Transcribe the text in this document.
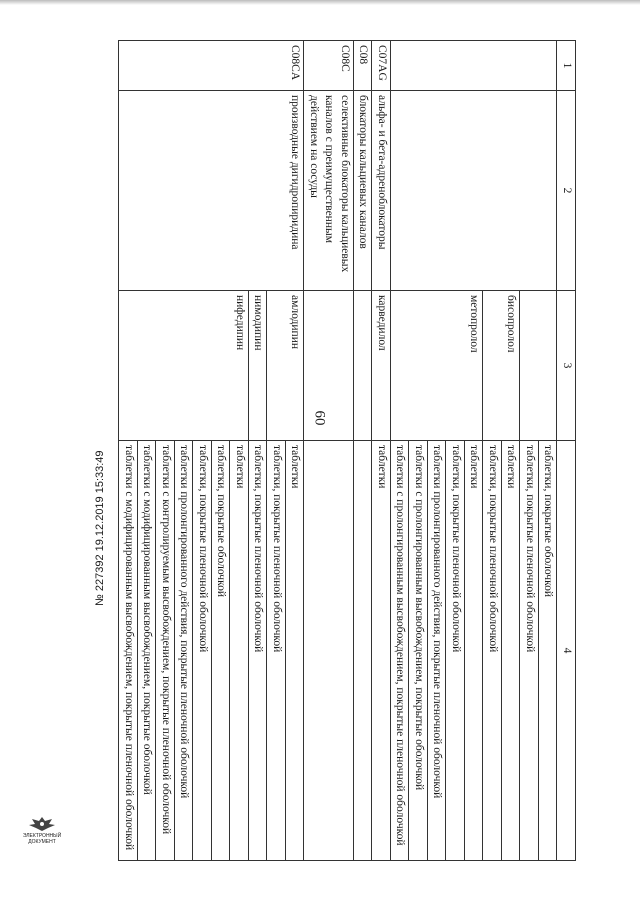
60
1	2	3	4
			таблетки, покрытые оболочкой
			таблетки, покрытые пленочной оболочкой
		бисопролол	таблетки
			таблетки, покрытые пленочной оболочкой
		метопролол	таблетки
			таблетки, покрытые пленочной оболочкой
			таблетки пролонгированного действия, покрытые пленочной оболочкой
			таблетки с пролонгированным высвобождением, покрытые оболочкой
			таблетки с пролонгированным высвобождением, покрытые пленочной оболочкой
C07AG	альфа- и бета-адреноблокаторы	карведилол	таблетки
C08	блокаторы кальциевых каналов		
C08C	селективные блокаторы кальциевых каналов с преимущественным действием на сосуды		
C08CA	производные дигидропиридина	амлодипин	таблетки
			таблетки, покрытые пленочной оболочкой
		нимодипин	таблетки, покрытые пленочной оболочкой
		нифедипин	таблетки
			таблетки, покрытые оболочкой
			таблетки, покрытые пленочной оболочкой
			таблетки пролонгированного действия, покрытые пленочной оболочкой
			таблетки с контролируемым высвобождением, покрытые пленочной оболочкой
			таблетки с модифицированным высвобождением, покрытые оболочкой
			таблетки с модифицированным высвобождением, покрытые пленочной оболочкой
ЭЛЕКТРОННЫЙ ДОКУМЕНТ
№ 227392 19.12.2019 15:33:49
